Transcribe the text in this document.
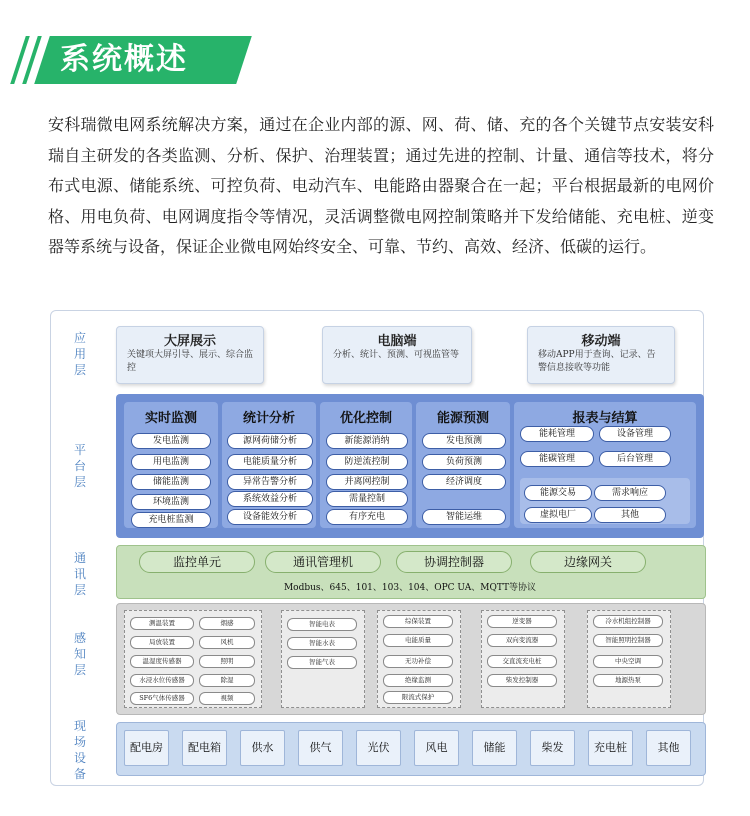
系统概述
安科瑞微电网系统解决方案，通过在企业内部的源、网、荷、储、充的各个关键节点安装安科瑞自主研发的各类监测、分析、保护、治理装置；通过先进的控制、计量、通信等技术，将分布式电源、储能系统、可控负荷、电动汽车、电能路由器聚合在一起；平台根据最新的电网价格、用电负荷、电网调度指令等情况，灵活调整微电网控制策略并下发给储能、充电桩、逆变器等系统与设备，保证企业微电网始终安全、可靠、节约、高效、经济、低碳的运行。
应用层
平台层
通讯层
感知层
现场设备
大屏展示
关键项大屏引导、展示、综合监控
电脑端
分析、统计、预测、可视监管等
移动端
移动APP用于查询、记录、告警信息接收等功能
实时监测
发电监测
用电监测
储能监测
环境监测
充电桩监测
统计分析
源网荷储分析
电能质量分析
异常告警分析
系统效益分析
设备能效分析
优化控制
新能源消纳
防逆流控制
并离网控制
需量控制
有序充电
能源预测
发电预测
负荷预测
经济调度
智能运维
报表与结算
能耗管理	设备管理
能碳管理	后台管理
能源交易	需求响应
虚拟电厂	其他
监控单元	通讯管理机	协调控制器	边缘网关
Modbus、645、101、103、104、OPC UA、MQTT等协议
测温装置
局放装置
温湿度传感器
水浸水位传感器
SF6气体传感器
烟感
风机
照明
除湿
視频
智能电表
智能水表
智能气表
综保装置
电能质量
无功补偿
绝缘监测
限流式保护
逆变器
双向变流器
交直流充电桩
柴发控制器
冷水机组控制器
智能照明控制器
中央空调
地源热泵
配电房	配电箱	供水	供气	光伏	风电	储能	柴发	充电桩	其他
